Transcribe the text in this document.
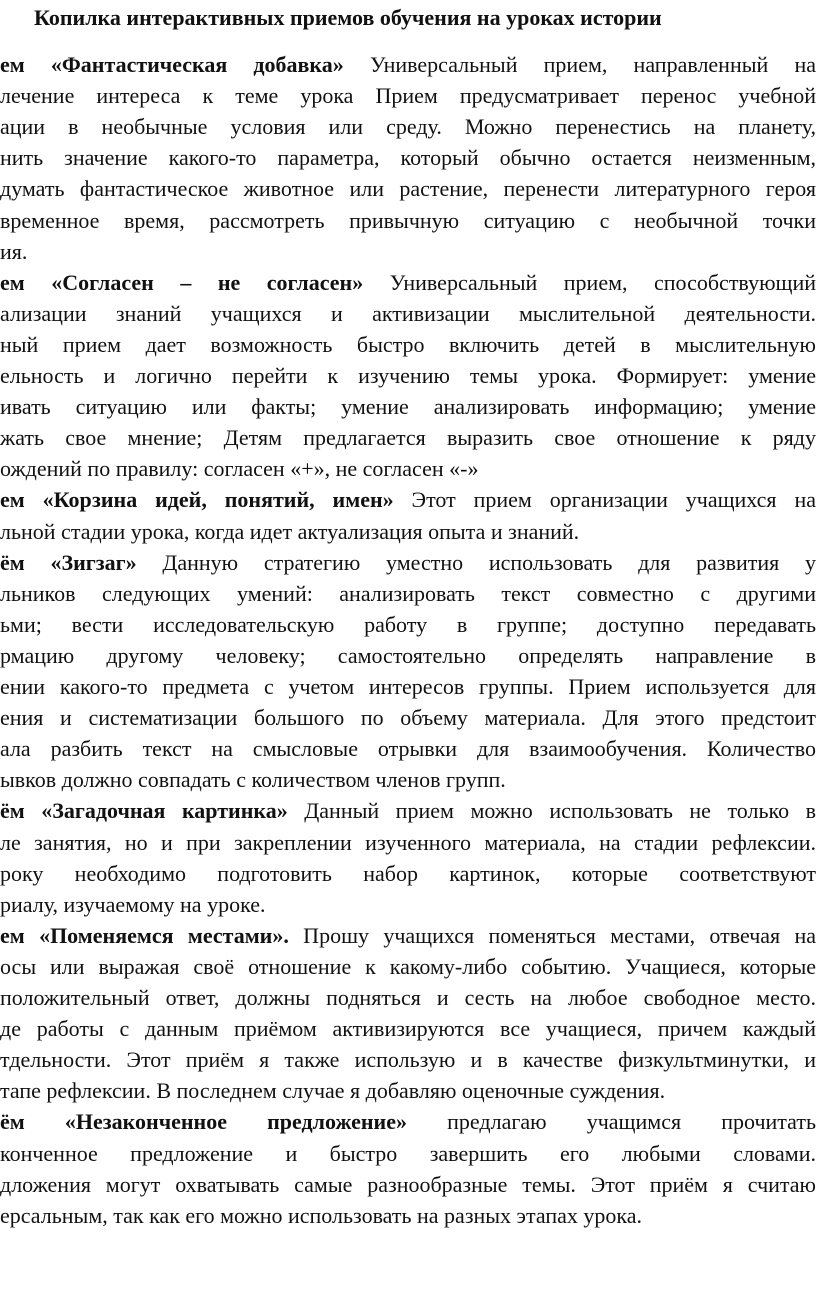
Копилка интерактивных приемов обучения на уроках истории
ем «Фантастическая добавка» Универсальный прием, направленный на
лечение интереса к теме урока Прием предусматривает перенос учебной
ации в необычные условия или среду. Можно перенестись на планету,
нить значение какого-то параметра, который обычно остается неизменным,
думать фантастическое животное или растение, перенести литературного героя
временное время, рассмотреть привычную ситуацию с необычной точки
ия.
ем «Согласен – не согласен» Универсальный прием, способствующий
ализации знаний учащихся и активизации мыслительной деятельности.
ный прием дает возможность быстро включить детей в мыслительную
ельность и логично перейти к изучению темы урока. Формирует: умение
ивать ситуацию или факты; умение анализировать информацию; умение
жать свое мнение; Детям предлагается выразить свое отношение к ряду
ождений по правилу: согласен «+», не согласен «-»
ем «Корзина идей, понятий, имен» Этот прием организации учащихся на
льной стадии урока, когда идет актуализация опыта и знаний.
ём «Зигзаг» Данную стратегию уместно использовать для развития у
льников следующих умений: анализировать текст совместно с другими
ьми; вести исследовательскую работу в группе; доступно передавать
рмацию другому человеку; самостоятельно определять направление в
ении какого-то предмета с учетом интересов группы. Прием используется для
ения и систематизации большого по объему материала. Для этого предстоит
ала разбить текст на смысловые отрывки для взаимообучения. Количество
ывков должно совпадать с количеством членов групп.
ём «Загадочная картинка» Данный прием можно использовать не только в
ле занятия, но и при закреплении изученного материала, на стадии рефлексии.
року необходимо подготовить набор картинок, которые соответствуют
риалу, изучаемому на уроке.
ем «Поменяемся местами». Прошу учащихся поменяться местами, отвечая на
осы или выражая своё отношение к какому-либо событию. Учащиеся, которые
положительный ответ, должны подняться и сесть на любое свободное место.
де работы с данным приёмом активизируются все учащиеся, причем каждый
тдельности. Этот приём я также использую и в качестве физкультминутки, и
тапе рефлексии. В последнем случае я добавляю оценочные суждения.
ём «Незаконченное предложение» предлагаю учащимся прочитать
конченное предложение и быстро завершить его любыми словами.
дложения могут охватывать самые разнообразные темы. Этот приём я считаю
ерсальным, так как его можно использовать на разных этапах урока.
